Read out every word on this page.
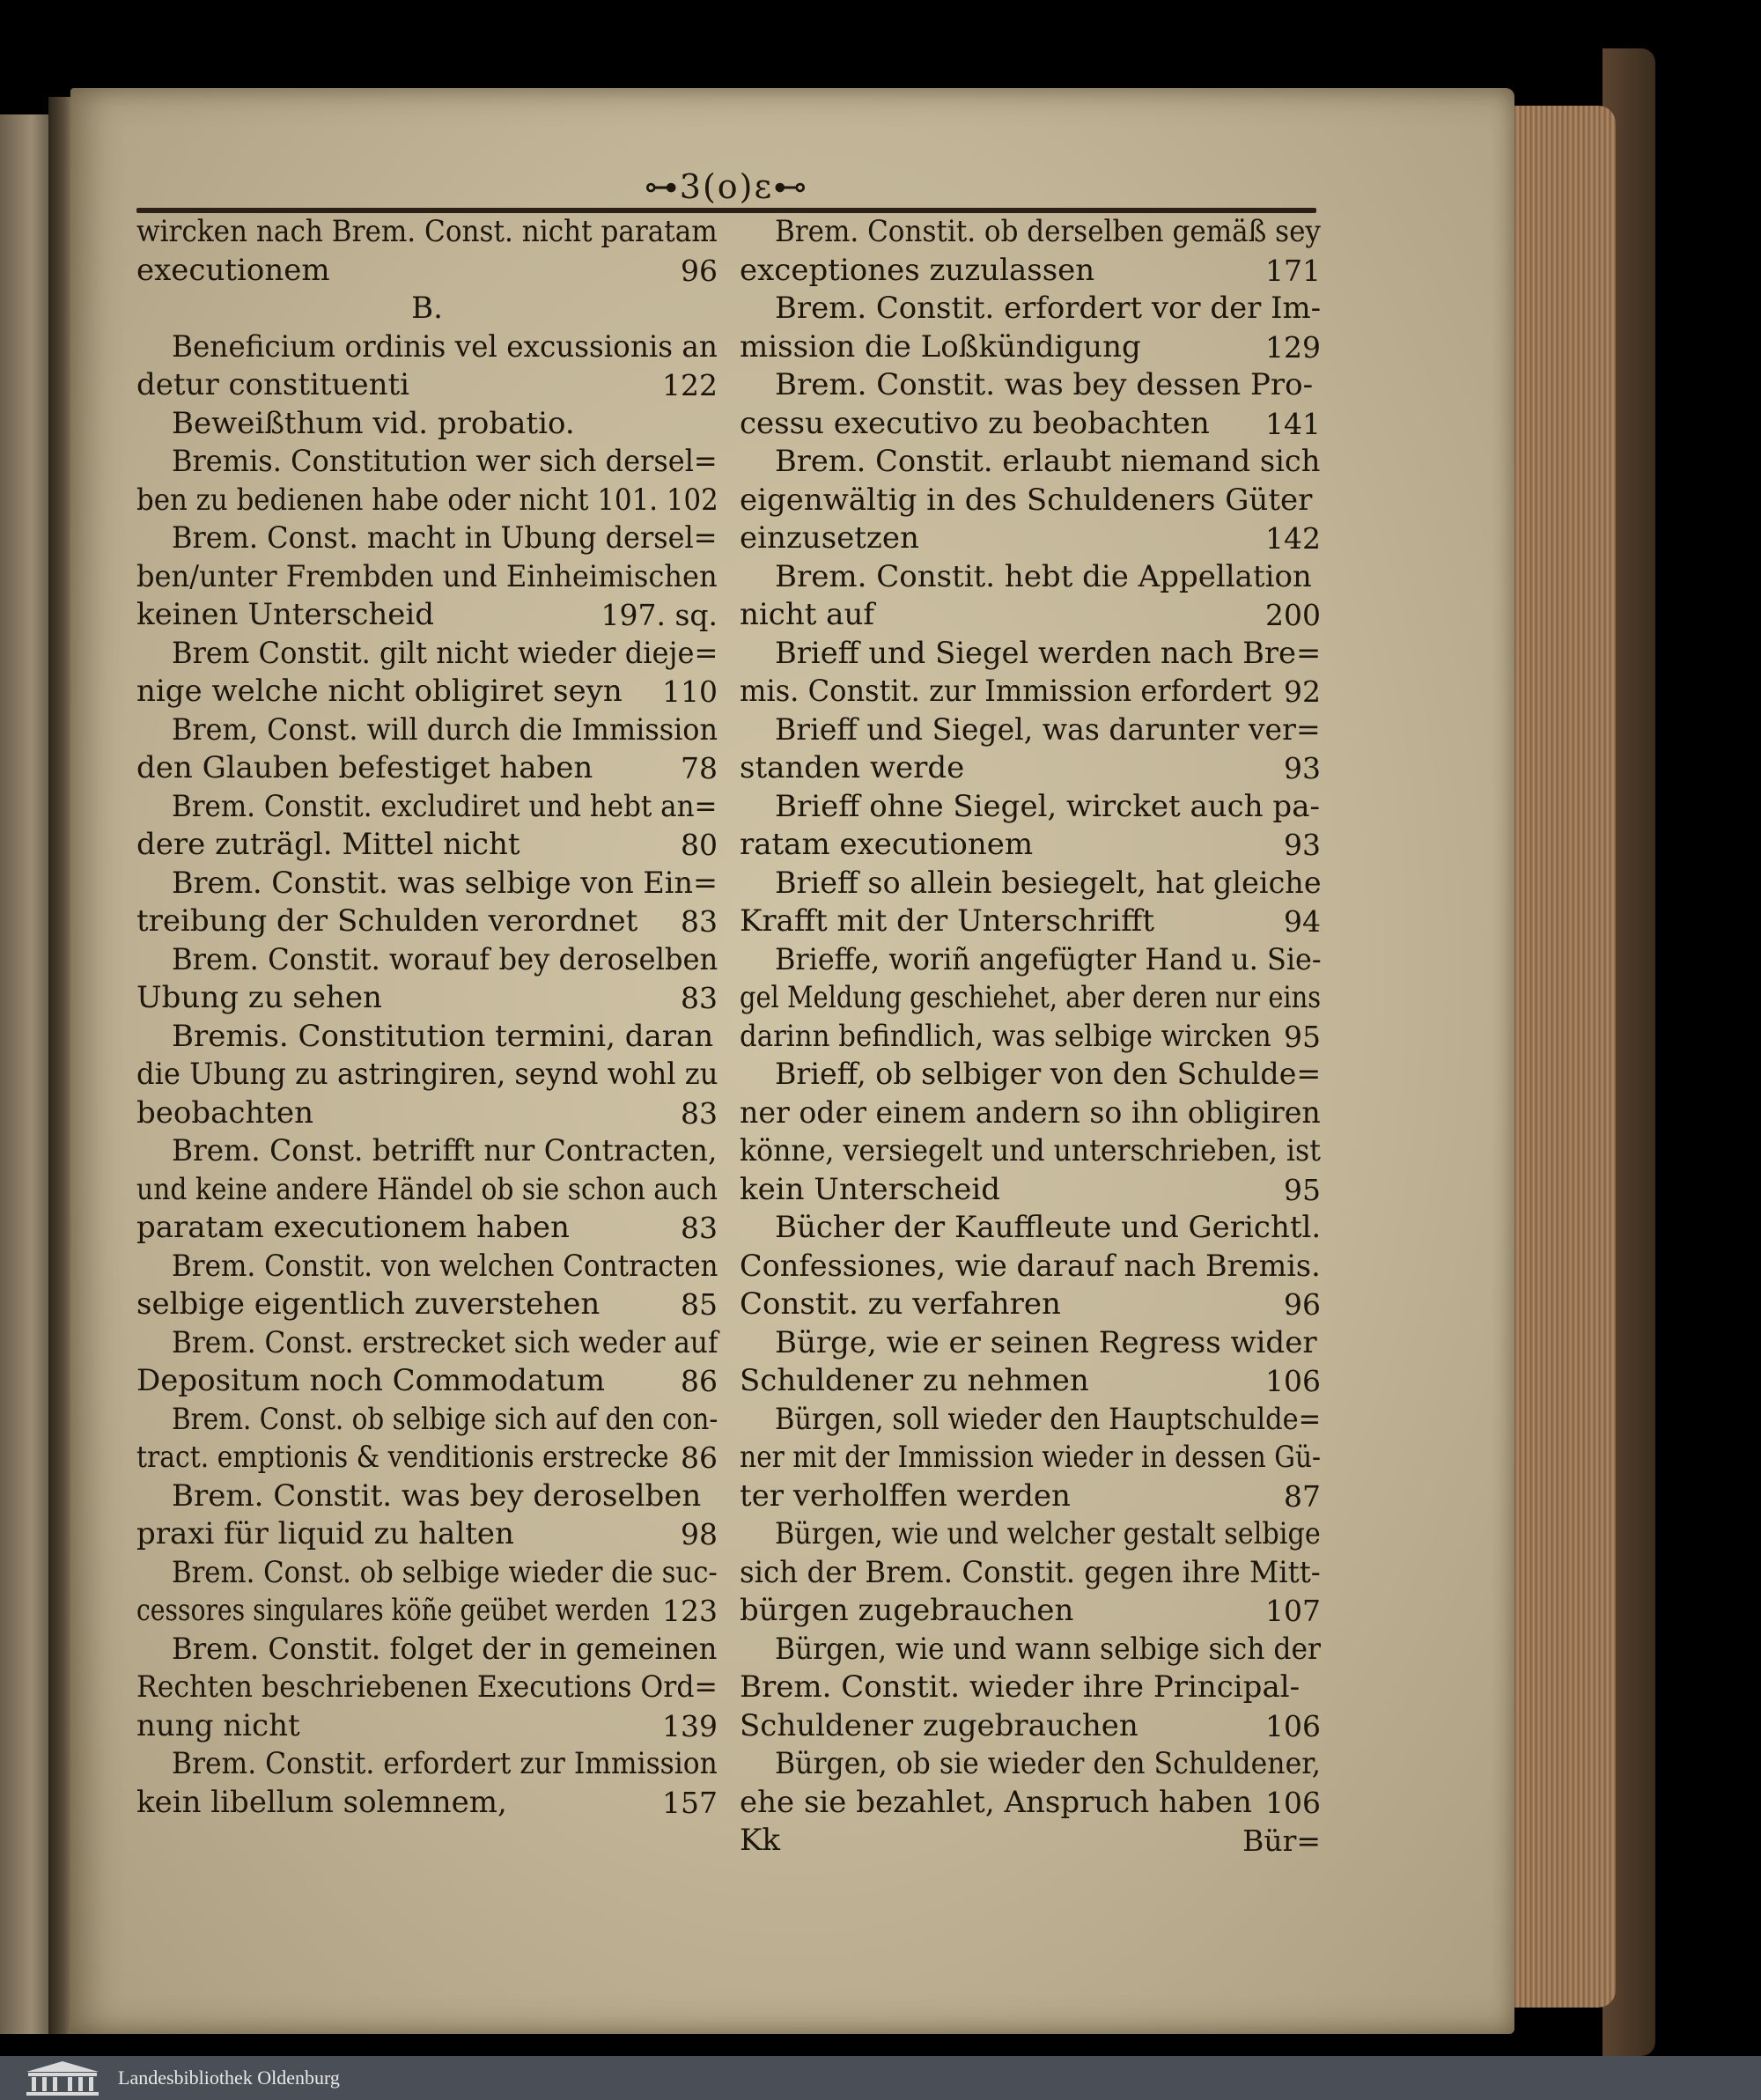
⊶3(o)ε⊷
wircken nach Brem. Const. nicht paratam
executionem	96
B.
Beneficium ordinis vel excussionis an
detur constituenti	122
Beweißthum vid. probatio.
Bremis. Constitution wer sich dersel=
ben zu bedienen habe oder nicht 101. 102
Brem. Const. macht in Ubung dersel=
ben/unter Frembden und Einheimischen
keinen Unterscheid	197. sq.
Brem Constit. gilt nicht wieder dieje=
nige welche nicht obligiret seyn 110
Brem, Const. will durch die Immission
den Glauben befestiget haben	78
Brem. Constit. excludiret und hebt an=
dere zuträgl. Mittel nicht	80
Brem. Constit. was selbige von Ein=
treibung der Schulden verordnet 83
Brem. Constit. worauf bey deroselben
Ubung zu sehen	83
Bremis. Constitution termini, daran
die Ubung zu astringiren, seynd wohl zu
beobachten	83
Brem. Const. betrifft nur Contracten,
und keine andere Händel ob sie schon auch
paratam executionem haben	83
Brem. Constit. von welchen Contracten
selbige eigentlich zuverstehen	85
Brem. Const. erstrecket sich weder auf
Depositum noch Commodatum	86
Brem. Const. ob selbige sich auf den con-
tract. emptionis & venditionis erstrecke 86
Brem. Constit. was bey deroselben
praxi für liquid zu halten	98
Brem. Const. ob selbige wieder die suc-
cessores singulares köñe geübet werden 123
Brem. Constit. folget der in gemeinen
Rechten beschriebenen Executions Ord=
nung nicht	139
Brem. Constit. erfordert zur Immission
kein libellum solemnem,	157
Brem. Constit. ob derselben gemäß sey
exceptiones zuzulassen	171
Brem. Constit. erfordert vor der Im-
mission die Loßkündigung	129
Brem. Constit. was bey dessen Pro-
cessu executivo zu beobachten 141
Brem. Constit. erlaubt niemand sich
eigenwältig in des Schuldeners Güter
einzusetzen	142
Brem. Constit. hebt die Appellation
nicht auf	200
Brieff und Siegel werden nach Bre=
mis. Constit. zur Immission erfordert 92
Brieff und Siegel, was darunter ver=
standen werde	93
Brieff ohne Siegel, wircket auch pa-
ratam executionem	93
Brieff so allein besiegelt, hat gleiche
Krafft mit der Unterschrifft	94
Brieffe, woriñ angefügter Hand u. Sie-
gel Meldung geschiehet, aber deren nur eins
darinn befindlich, was selbige wircken 95
Brieff, ob selbiger von den Schulde=
ner oder einem andern so ihn obligiren
könne, versiegelt und unterschrieben, ist
kein Unterscheid	95
Bücher der Kauffleute und Gerichtl.
Confessiones, wie darauf nach Bremis.
Constit. zu verfahren	96
Bürge, wie er seinen Regress wider
Schuldener zu nehmen	106
Bürgen, soll wieder den Hauptschulde=
ner mit der Immission wieder in dessen Gü-
ter verholffen werden	87
Bürgen, wie und welcher gestalt selbige
sich der Brem. Constit. gegen ihre Mitt-
bürgen zugebrauchen	107
Bürgen, wie und wann selbige sich der
Brem. Constit. wieder ihre Principal-
Schuldener zugebrauchen	106
Bürgen, ob sie wieder den Schuldener,
ehe sie bezahlet, Anspruch haben 106
Kk	Bür=
Landesbibliothek Oldenburg
